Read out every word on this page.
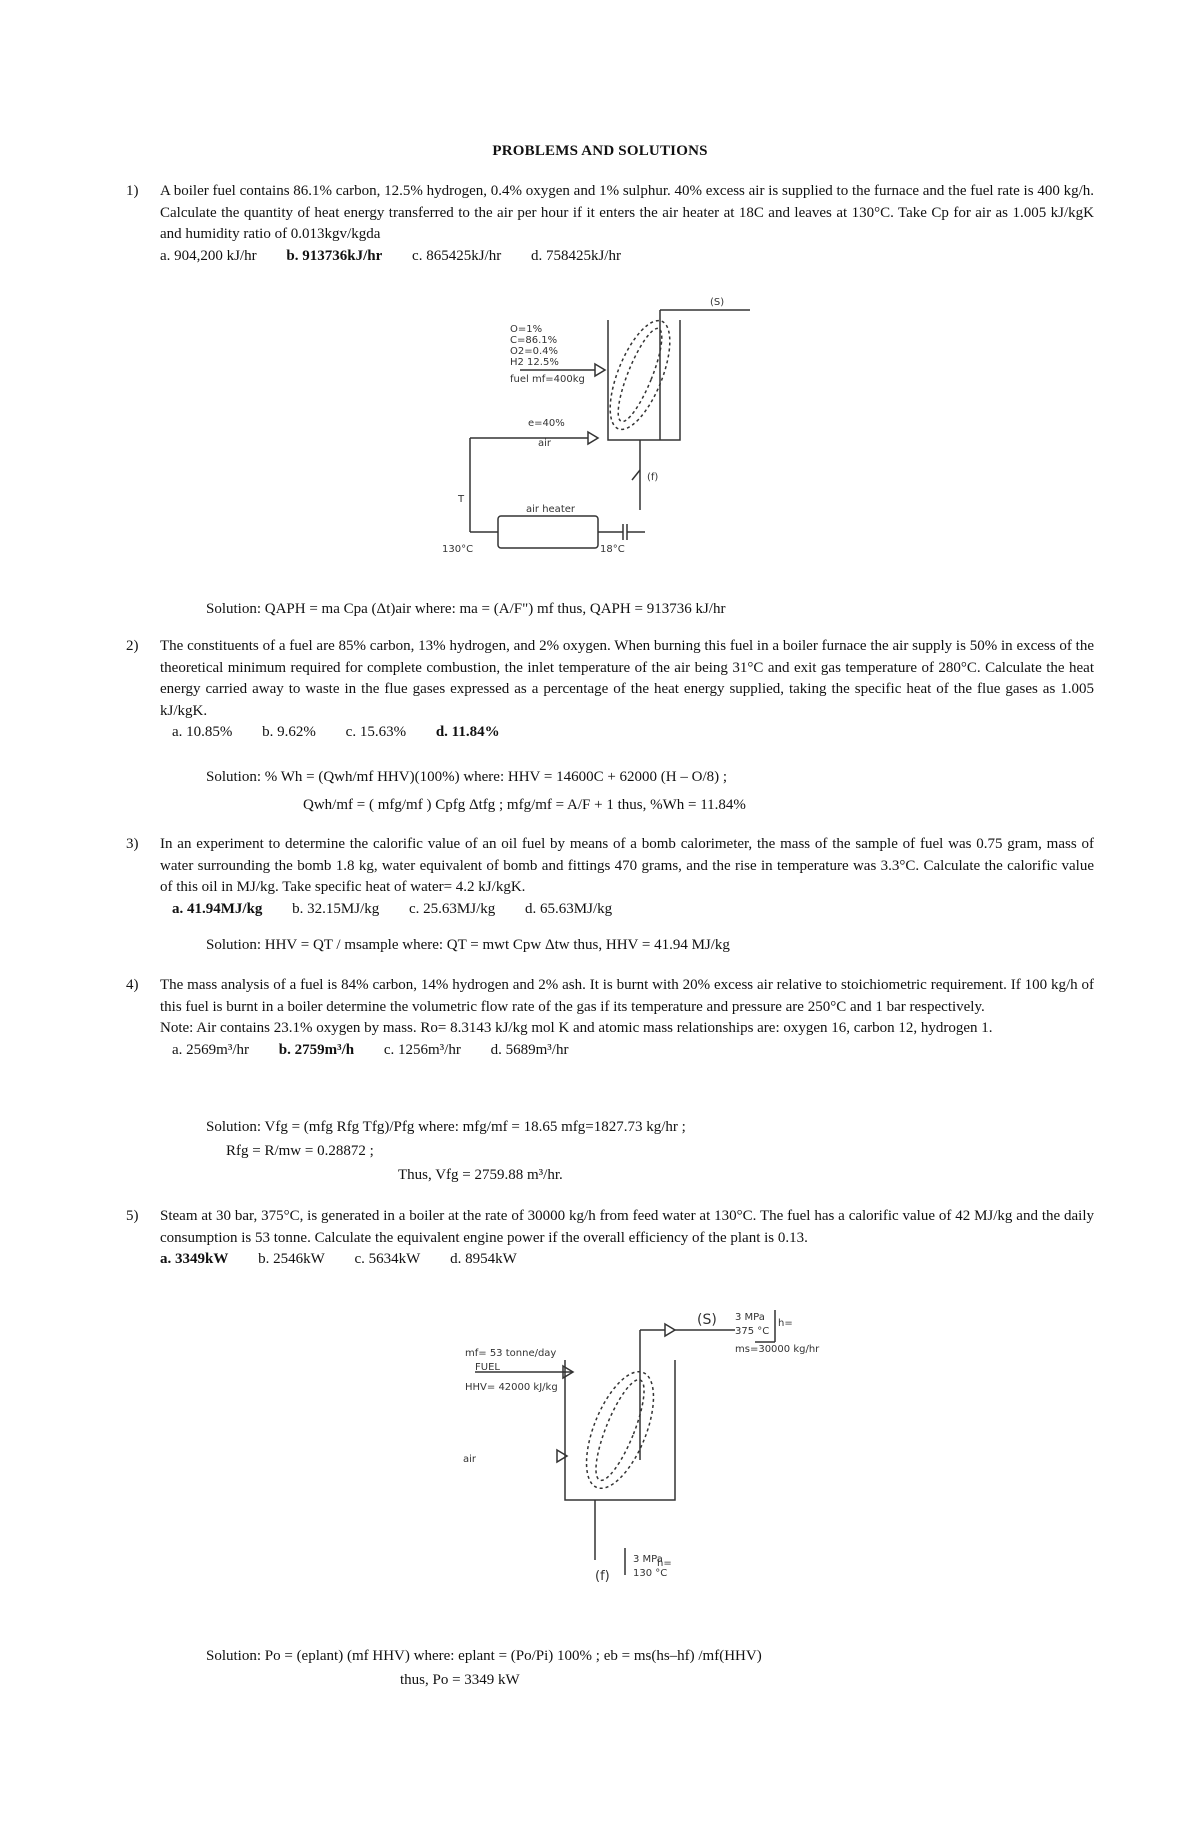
PROBLEMS AND SOLUTIONS
1) A boiler fuel contains 86.1% carbon, 12.5% hydrogen, 0.4% oxygen and 1% sulphur. 40% excess air is supplied to the furnace and the fuel rate is 400 kg/h. Calculate the quantity of heat energy transferred to the air per hour if it enters the air heater at 18C and leaves at 130°C. Take Cp for air as 1.005 kJ/kgK and humidity ratio of 0.013kgv/kgda
a. 904,200 kJ/hr b. 913736kJ/hr c. 865425kJ/hr d. 758425kJ/hr
(S)
(f)
O=1%
C=86.1%
O2=0.4%
H2 12.5%
fuel mf=400kg
e=40%
air
air heater
130°C	18°C
T
Solution: QAPH = ma Cpa (Δt)air where: ma = (A/F") mf thus, QAPH = 913736 kJ/hr
2) The constituents of a fuel are 85% carbon, 13% hydrogen, and 2% oxygen. When burning this fuel in a boiler furnace the air supply is 50% in excess of the theoretical minimum required for complete combustion, the inlet temperature of the air being 31°C and exit gas temperature of 280°C. Calculate the heat energy carried away to waste in the flue gases expressed as a percentage of the heat energy supplied, taking the specific heat of the flue gases as 1.005 kJ/kgK.
a. 10.85% b. 9.62% c. 15.63% d. 11.84%
Solution: % Wh = (Qwh/mf HHV)(100%) where: HHV = 14600C + 62000 (H – O/8) ;
Qwh/mf = ( mfg/mf ) Cpfg Δtfg ; mfg/mf = A/F + 1 thus, %Wh = 11.84%
3) In an experiment to determine the calorific value of an oil fuel by means of a bomb calorimeter, the mass of the sample of fuel was 0.75 gram, mass of water surrounding the bomb 1.8 kg, water equivalent of bomb and fittings 470 grams, and the rise in temperature was 3.3°C. Calculate the calorific value of this oil in MJ/kg. Take specific heat of water= 4.2 kJ/kgK.
a. 41.94MJ/kg b. 32.15MJ/kg c. 25.63MJ/kg d. 65.63MJ/kg
Solution: HHV = QT / msample where: QT = mwt Cpw Δtw thus, HHV = 41.94 MJ/kg
4) The mass analysis of a fuel is 84% carbon, 14% hydrogen and 2% ash. It is burnt with 20% excess air relative to stoichiometric requirement. If 100 kg/h of this fuel is burnt in a boiler determine the volumetric flow rate of the gas if its temperature and pressure are 250°C and 1 bar respectively.
Note: Air contains 23.1% oxygen by mass. Ro= 8.3143 kJ/kg mol K and atomic mass relationships are: oxygen 16, carbon 12, hydrogen 1.
a. 2569m³/hr b. 2759m³/h c. 1256m³/hr d. 5689m³/hr
Solution: Vfg = (mfg Rfg Tfg)/Pfg where: mfg/mf = 18.65 mfg=1827.73 kg/hr ;
Rfg = R/mw = 0.28872 ;
Thus, Vfg = 2759.88 m³/hr.
5) Steam at 30 bar, 375°C, is generated in a boiler at the rate of 30000 kg/h from feed water at 130°C. The fuel has a calorific value of 42 MJ/kg and the daily consumption is 53 tonne. Calculate the equivalent engine power if the overall efficiency of the plant is 0.13.
a. 3349kW b. 2546kW c. 5634kW d. 8954kW
(S) 3 MPa
375 °C
ms=30000 kg/hr
h=
mf= 53 tonne/day
FUEL
HHV= 42000 kJ/kg
air
(f)
3 MPa
130 °C
h=
Solution: Po = (eplant) (mf HHV) where: eplant = (Po/Pi) 100% ; eb = ms(hs–hf) /mf(HHV)
thus, Po = 3349 kW
